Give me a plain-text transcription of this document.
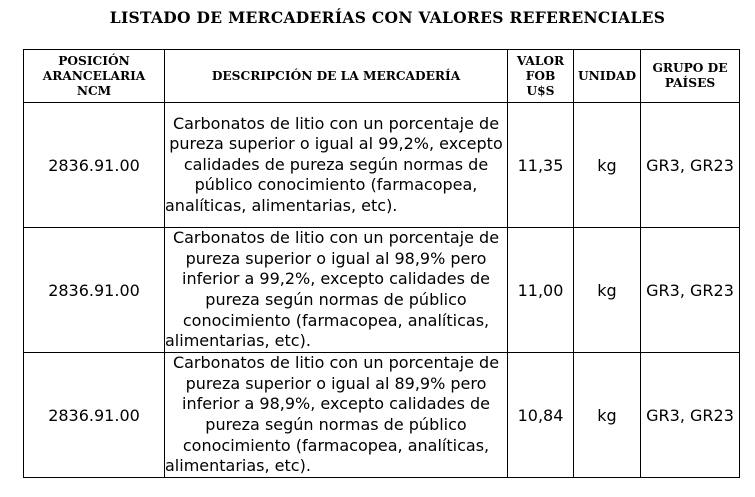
LISTADO DE MERCADERÍAS CON VALORES REFERENCIALES
POSICIÓN ARANCELARIA NCM	DESCRIPCIÓN DE LA MERCADERÍA	VALOR FOB U$S	UNIDAD	GRUPO DE PAÍSES

2836.91.00	Carbonatos de litio con un porcentaje de pureza superior o igual al 99,2%, excepto calidades de pureza según normas de público conocimiento (farmacopea, analíticas, alimentarias, etc).	11,35	kg	GR3, GR23

2836.91.00	Carbonatos de litio con un porcentaje de pureza superior o igual al 98,9% pero inferior a 99,2%, excepto calidades de pureza según normas de público conocimiento (farmacopea, analíticas, alimentarias, etc).	11,00	kg	GR3, GR23

2836.91.00	Carbonatos de litio con un porcentaje de pureza superior o igual al 89,9% pero inferior a 98,9%, excepto calidades de pureza según normas de público conocimiento (farmacopea, analíticas, alimentarias, etc).	10,84	kg	GR3, GR23
